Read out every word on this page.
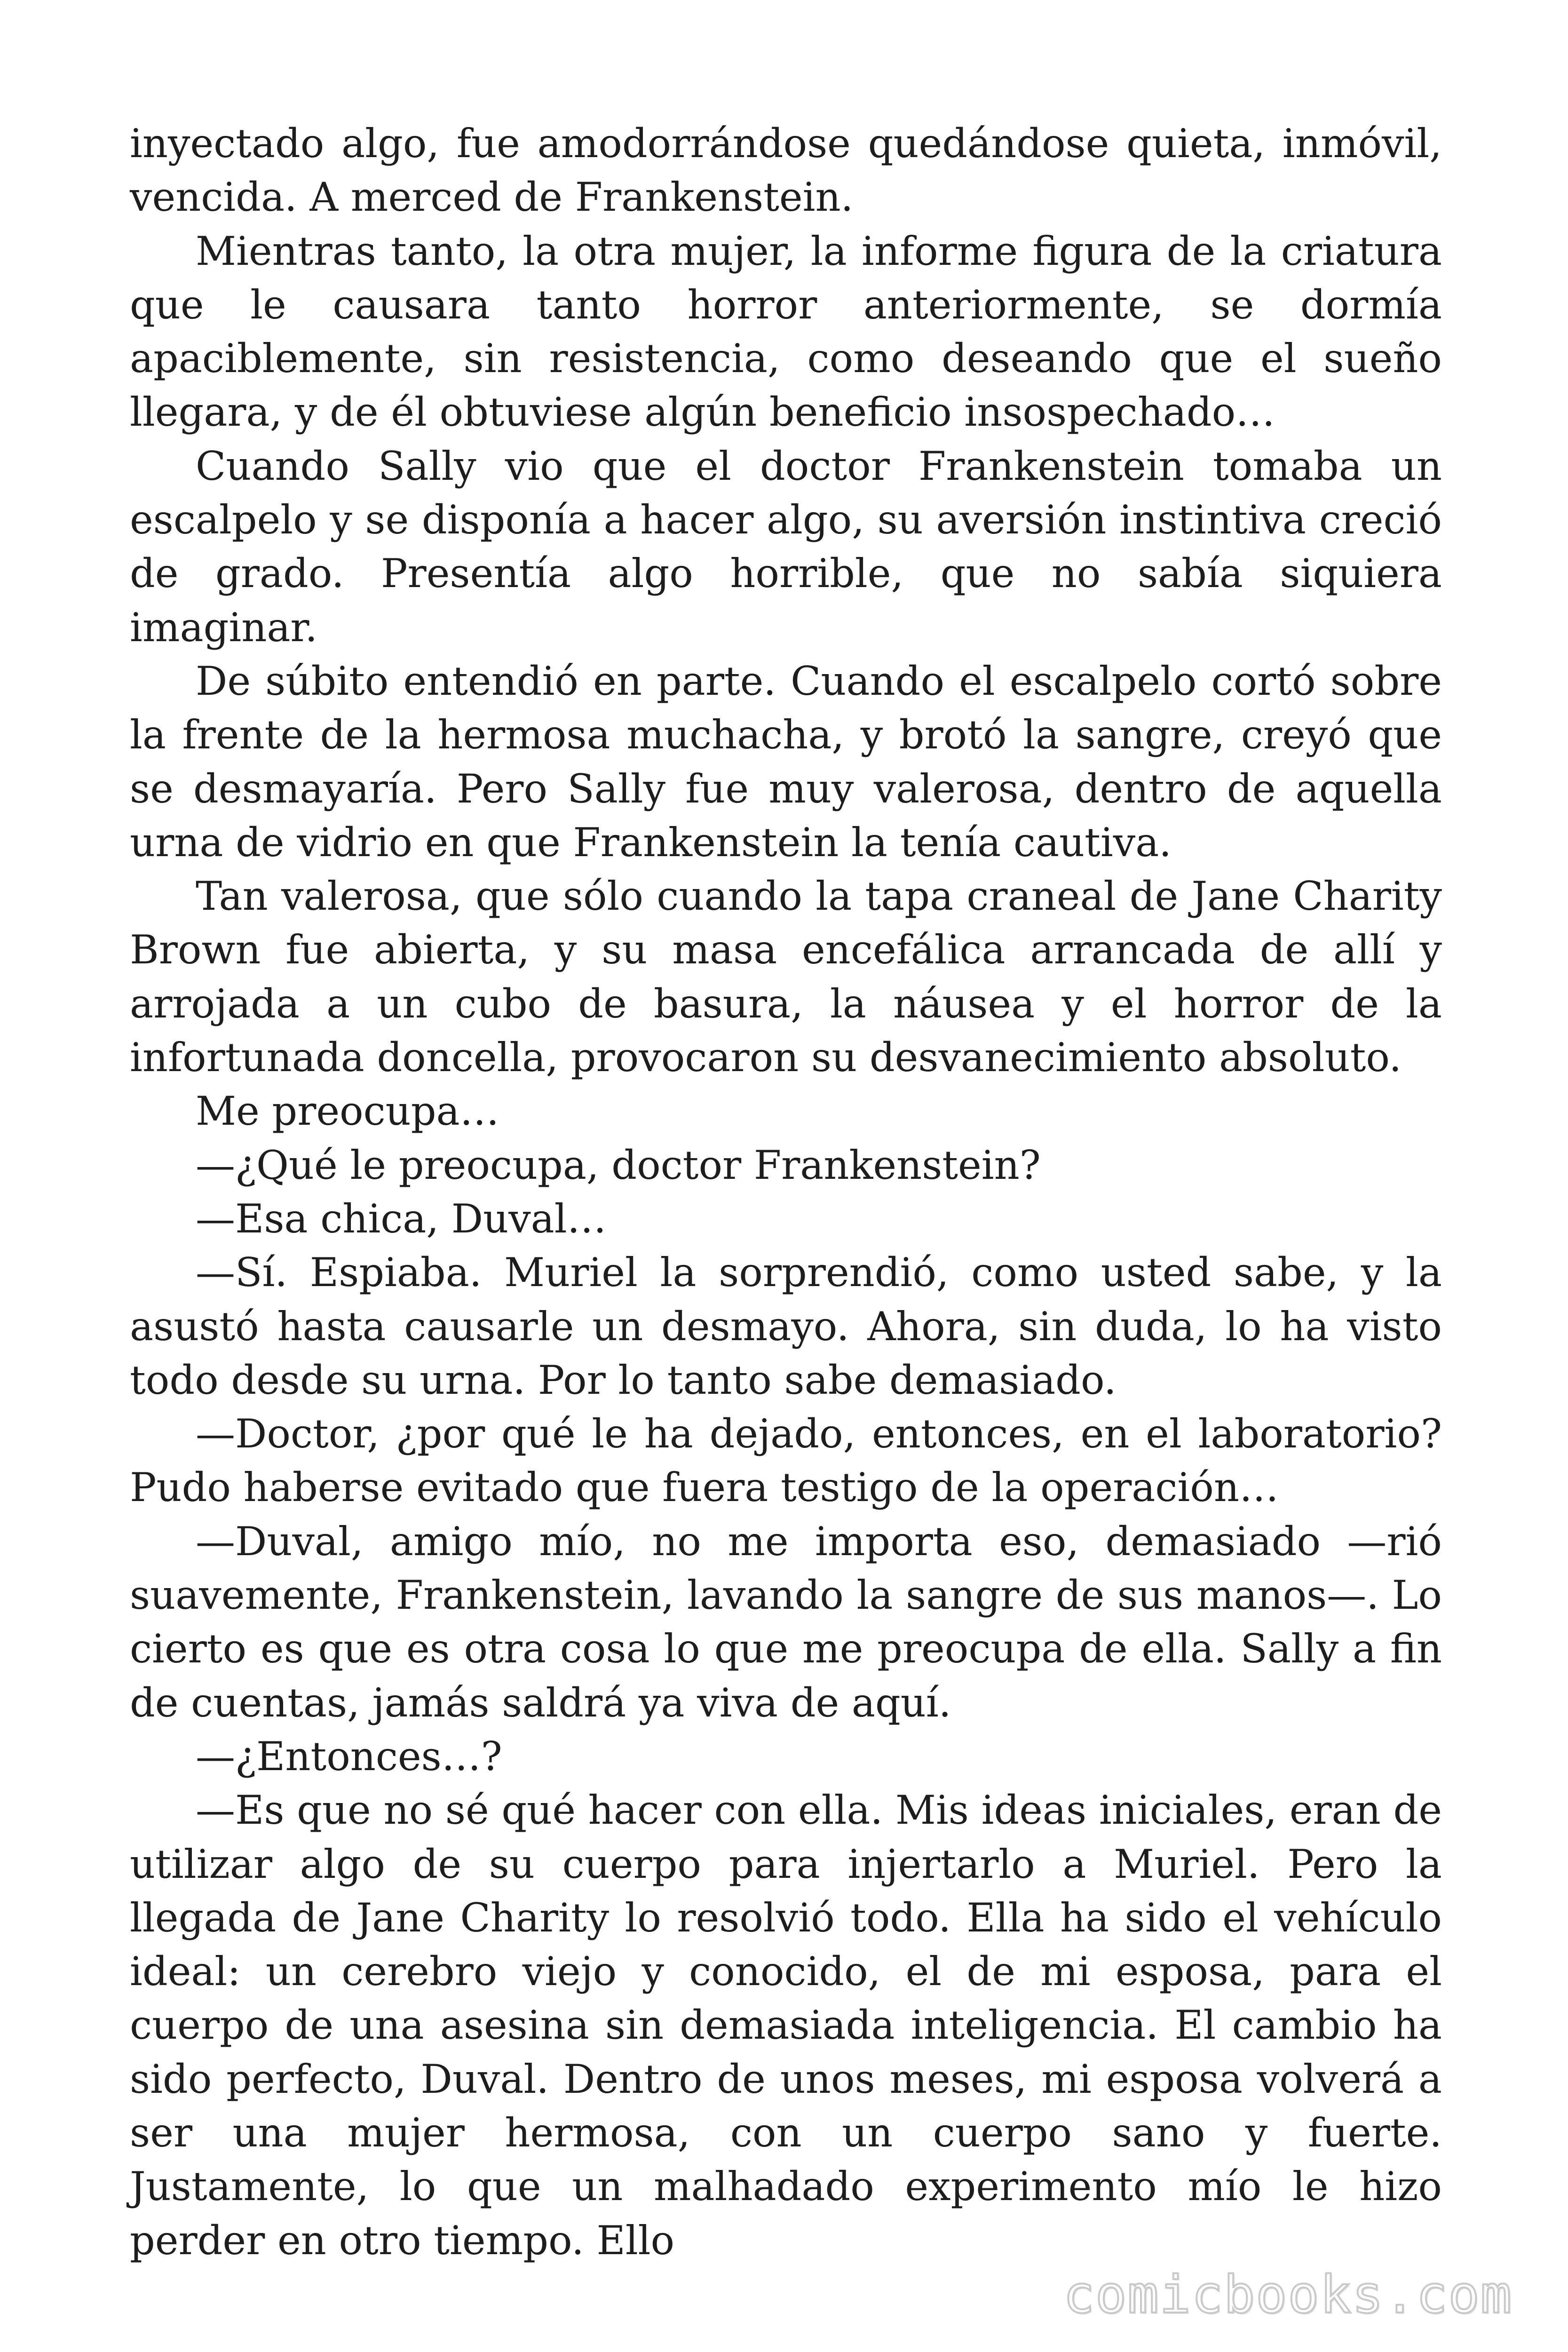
inyectado algo, fue amodorrándose quedándose quieta, inmóvil, vencida. A merced de Frankenstein.

Mientras tanto, la otra mujer, la informe figura de la criatura que le causara tanto horror anteriormente, se dormía apaciblemente, sin resistencia, como deseando que el sueño llegara, y de él obtuviese algún beneficio insospechado…

Cuando Sally vio que el doctor Frankenstein tomaba un escalpelo y se disponía a hacer algo, su aversión instintiva creció de grado. Presentía algo horrible, que no sabía siquiera imaginar.

De súbito entendió en parte. Cuando el escalpelo cortó sobre la frente de la hermosa muchacha, y brotó la sangre, creyó que se desmayaría. Pero Sally fue muy valerosa, dentro de aquella urna de vidrio en que Frankenstein la tenía cautiva.

Tan valerosa, que sólo cuando la tapa craneal de Jane Charity Brown fue abierta, y su masa encefálica arrancada de allí y arrojada a un cubo de basura, la náusea y el horror de la infortunada doncella, provocaron su desvanecimiento absoluto.

Me preocupa…

—¿Qué le preocupa, doctor Frankenstein?

—Esa chica, Duval…

—Sí. Espiaba. Muriel la sorprendió, como usted sabe, y la asustó hasta causarle un desmayo. Ahora, sin duda, lo ha visto todo desde su urna. Por lo tanto sabe demasiado.

—Doctor, ¿por qué le ha dejado, entonces, en el laboratorio? Pudo haberse evitado que fuera testigo de la operación…

—Duval, amigo mío, no me importa eso, demasiado —rió suavemente, Frankenstein, lavando la sangre de sus manos—. Lo cierto es que es otra cosa lo que me preocupa de ella. Sally a fin de cuentas, jamás saldrá ya viva de aquí.

—¿Entonces…?

—Es que no sé qué hacer con ella. Mis ideas iniciales, eran de utilizar algo de su cuerpo para injertarlo a Muriel. Pero la llegada de Jane Charity lo resolvió todo. Ella ha sido el vehículo ideal: un cerebro viejo y conocido, el de mi esposa, para el cuerpo de una asesina sin demasiada inteligencia. El cambio ha sido perfecto, Duval. Dentro de unos meses, mi esposa volverá a ser una mujer hermosa, con un cuerpo sano y fuerte. Justamente, lo que un malhadado experimento mío le hizo perder en otro tiempo. Ello

comicbooks.com
